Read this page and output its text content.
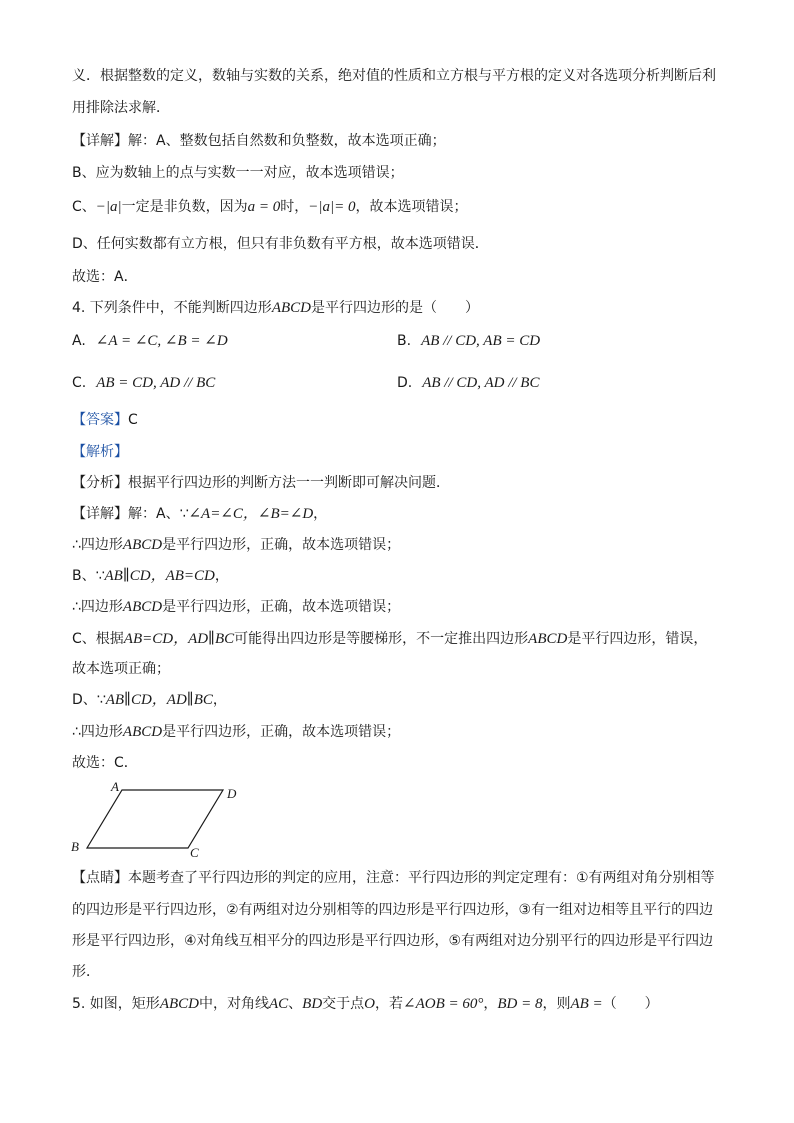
义．根据整数的定义，数轴与实数的关系，绝对值的性质和立方根与平方根的定义对各选项分析判断后利
用排除法求解．
【详解】解：A、整数包括自然数和负整数，故本选项正确；
B、应为数轴上的点与实数一一对应，故本选项错误；
C、−|a|一定是非负数，因为a = 0时，−|a|= 0，故本选项错误；
D、任何实数都有立方根，但只有非负数有平方根，故本选项错误．
故选：A．
4. 下列条件中，不能判断四边形ABCD是平行四边形的是（　　）
A. ∠A = ∠C, ∠B = ∠D	B. AB // CD, AB = CD
C. AB = CD, AD // BC	D. AB // CD, AD // BC
【答案】C
【解析】
【分析】根据平行四边形的判断方法一一判断即可解决问题．
【详解】解：A、∵∠A=∠C，∠B=∠D，
∴四边形ABCD是平行四边形，正确，故本选项错误；
B、∵AB∥CD，AB=CD，
∴四边形ABCD是平行四边形，正确，故本选项错误；
C、根据AB=CD，AD∥BC可能得出四边形是等腰梯形，不一定推出四边形ABCD是平行四边形，错误，
故本选项正确；
D、∵AB∥CD，AD∥BC，
∴四边形ABCD是平行四边形，正确，故本选项错误；
故选：C．
A	D
B	C
【点睛】本题考查了平行四边形的判定的应用，注意：平行四边形的判定定理有：①有两组对角分别相等
的四边形是平行四边形，②有两组对边分别相等的四边形是平行四边形，③有一组对边相等且平行的四边
形是平行四边形，④对角线互相平分的四边形是平行四边形，⑤有两组对边分别平行的四边形是平行四边
形．
5. 如图，矩形ABCD中，对角线AC、BD交于点O，若∠AOB = 60°，BD = 8，则AB =（　　）
